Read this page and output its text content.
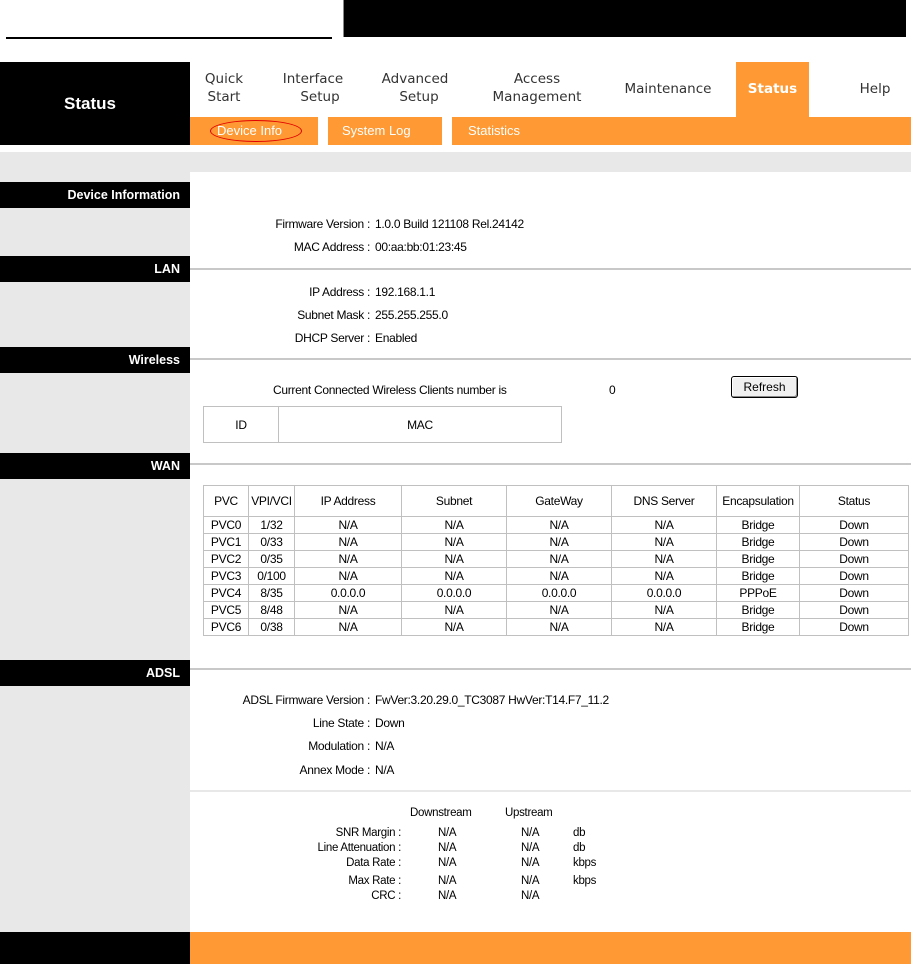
Status
Quick
Start
Interface
Setup
Advanced
Setup
Access
Management	Maintenance	Status	Help
Device Info	System Log	Statistics
Device Information
Firmware Version : 1.0.0 Build 121108 Rel.24142
MAC Address : 00:aa:bb:01:23:45
LAN
IP Address : 192.168.1.1
Subnet Mask : 255.255.255.0
DHCP Server : Enabled
Wireless
Current Connected Wireless Clients number is	0	Refresh
ID	MAC
WAN
PVC	VPI/VCI	IP Address	Subnet	GateWay	DNS Server	Encapsulation	Status
PVC0	1/32	N/A	N/A	N/A	N/A	Bridge	Down
PVC1	0/33	N/A	N/A	N/A	N/A	Bridge	Down
PVC2	0/35	N/A	N/A	N/A	N/A	Bridge	Down
PVC3	0/100	N/A	N/A	N/A	N/A	Bridge	Down
PVC4	8/35	0.0.0.0	0.0.0.0	0.0.0.0	0.0.0.0	PPPoE	Down
PVC5	8/48	N/A	N/A	N/A	N/A	Bridge	Down
PVC6	0/38	N/A	N/A	N/A	N/A	Bridge	Down
ADSL
ADSL Firmware Version : FwVer:3.20.29.0_TC3087 HwVer:T14.F7_11.2
Line State : Down
Modulation : N/A
Annex Mode : N/A
Downstream	Upstream
SNR Margin :	N/A	N/A	db
Line Attenuation :	N/A	N/A	db
Data Rate :	N/A	N/A	kbps
Max Rate :	N/A	N/A	kbps
CRC :	N/A	N/A
